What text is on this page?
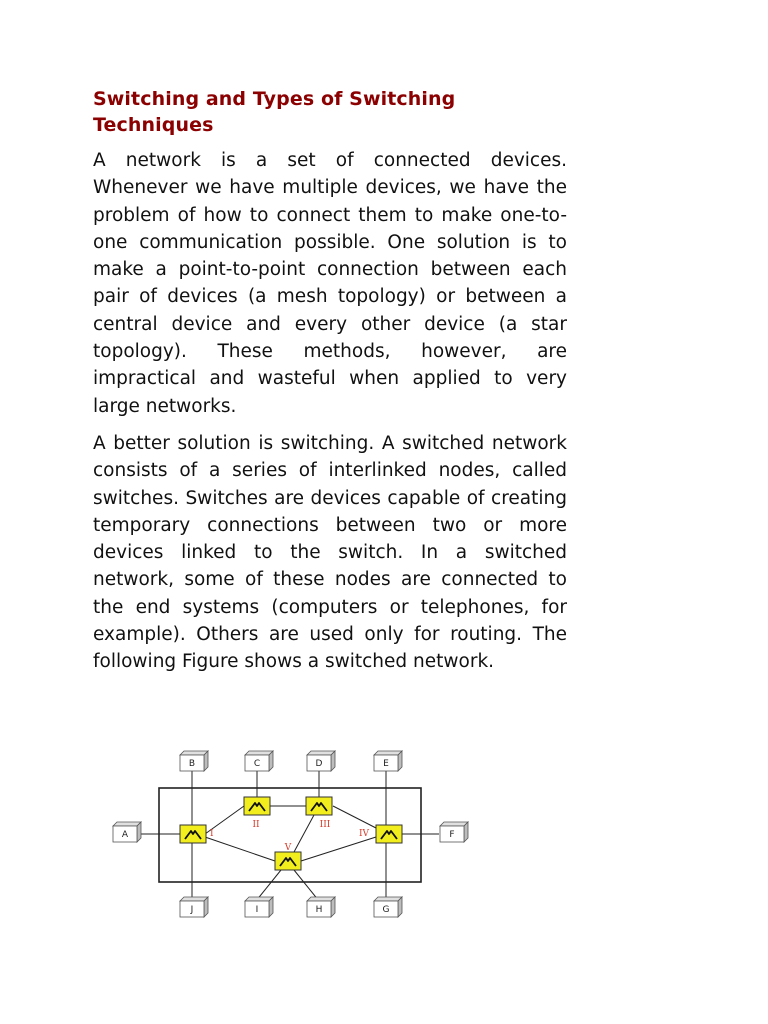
Switching and Types of Switching Techniques

A network is a set of connected devices. Whenever we have multiple devices, we have the problem of how to connect them to make one-to-one communication possible. One solution is to make a point-to-point connection between each pair of devices (a mesh topology) or between a central device and every other device (a star topology). These methods, however, are impractical and wasteful when applied to very large networks.

A better solution is switching. A switched network consists of a series of interlinked nodes, called switches. Switches are devices capable of creating temporary connections between two or more devices linked to the switch. In a switched network, some of these nodes are connected to the end systems (computers or telephones, for example). Others are used only for routing. The following Figure shows a switched network.

B	C	D	E
A	F
J	I	H	G
I
II	III
IV
V
